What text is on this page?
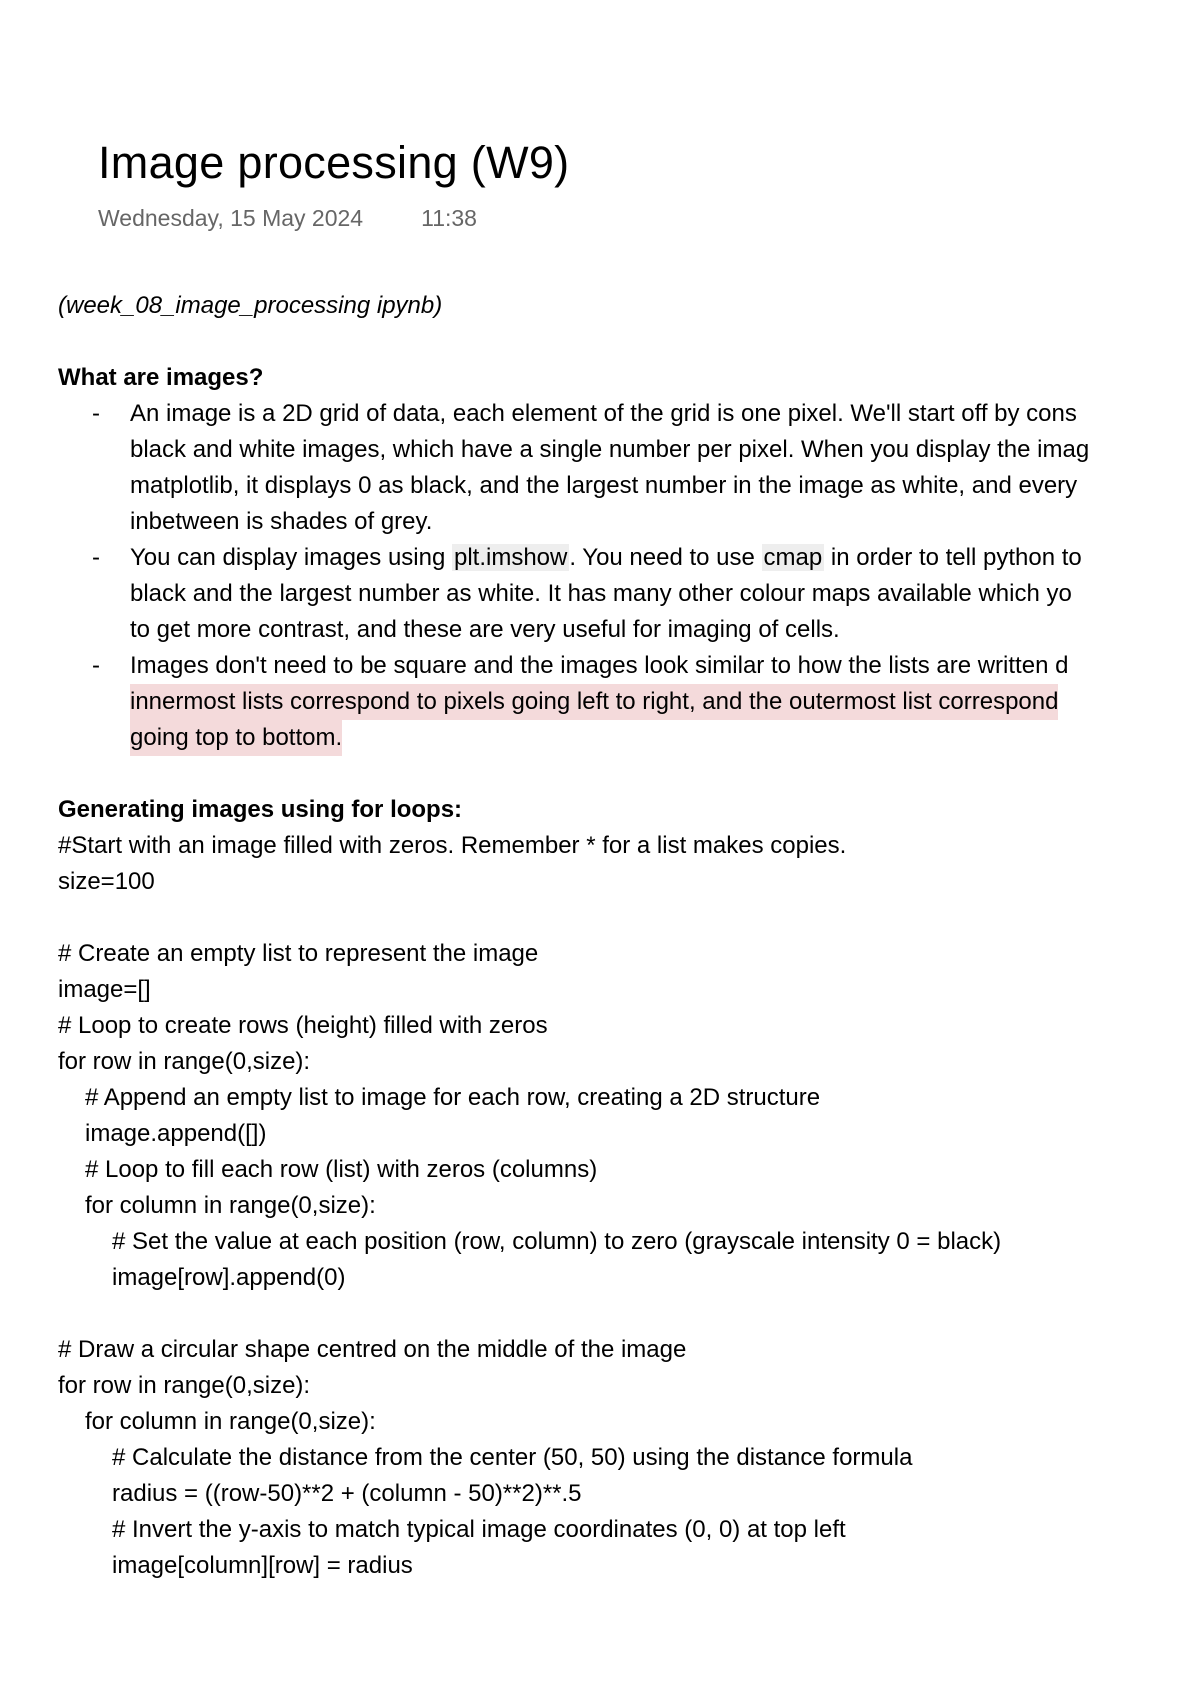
Image processing (W9)
Wednesday, 15 May 2024	11:38
(week_08_image_processing ipynb)
What are images?
- An image is a 2D grid of data, each element of the grid is one pixel. We'll start off by cons
black and white images, which have a single number per pixel. When you display the imag
matplotlib, it displays 0 as black, and the largest number in the image as white, and every
inbetween is shades of grey.
- You can display images using plt.imshow. You need to use cmap in order to tell python to
black and the largest number as white. It has many other colour maps available which yo
to get more contrast, and these are very useful for imaging of cells.
- Images don't need to be square and the images look similar to how the lists are written d
innermost lists correspond to pixels going left to right, and the outermost list correspond
going top to bottom.
Generating images using for loops:
#Start with an image filled with zeros. Remember * for a list makes copies.
size=100
# Create an empty list to represent the image
image=[]
# Loop to create rows (height) filled with zeros
for row in range(0,size):
# Append an empty list to image for each row, creating a 2D structure
image.append([])
# Loop to fill each row (list) with zeros (columns)
for column in range(0,size):
# Set the value at each position (row, column) to zero (grayscale intensity 0 = black)
image[row].append(0)
# Draw a circular shape centred on the middle of the image
for row in range(0,size):
for column in range(0,size):
# Calculate the distance from the center (50, 50) using the distance formula
radius = ((row-50)**2 + (column - 50)**2)**.5
# Invert the y-axis to match typical image coordinates (0, 0) at top left
image[column][row] = radius
